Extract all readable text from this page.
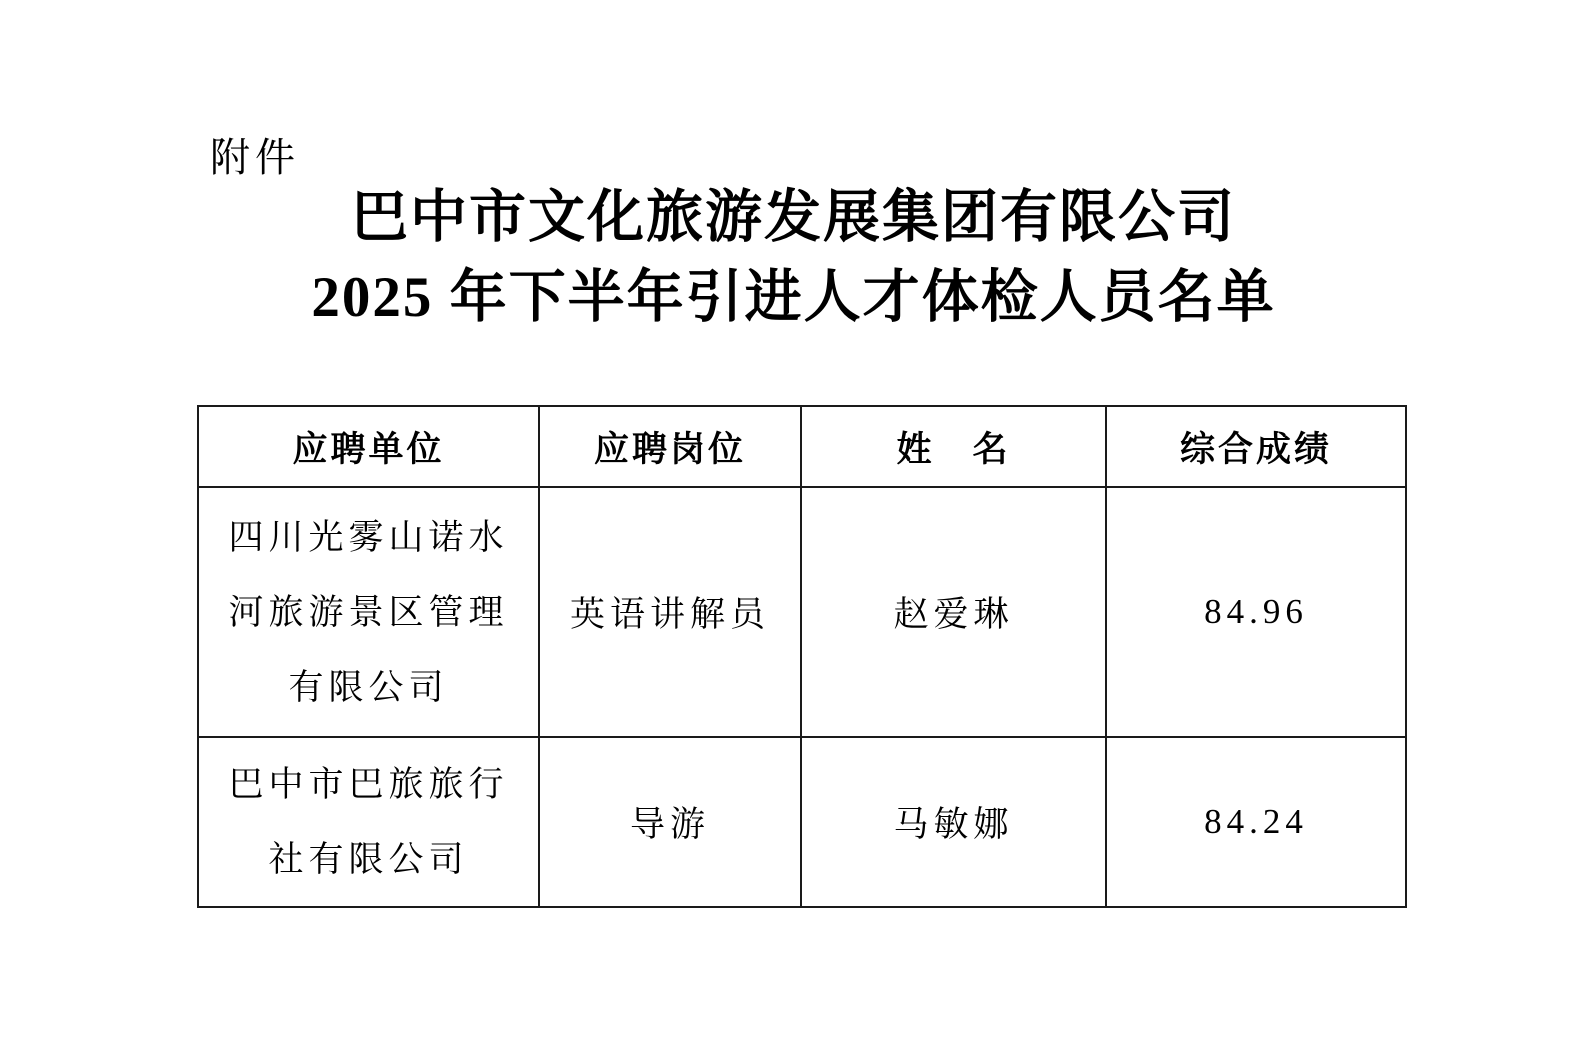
附件
巴中市文化旅游发展集团有限公司
2025 年下半年引进人才体检人员名单
应聘单位	应聘岗位	姓　名	综合成绩

四川光雾山诺水
河旅游景区管理
有限公司	英语讲解员	赵爱琳	84.96

巴中市巴旅旅行
社有限公司	导游	马敏娜	84.24
